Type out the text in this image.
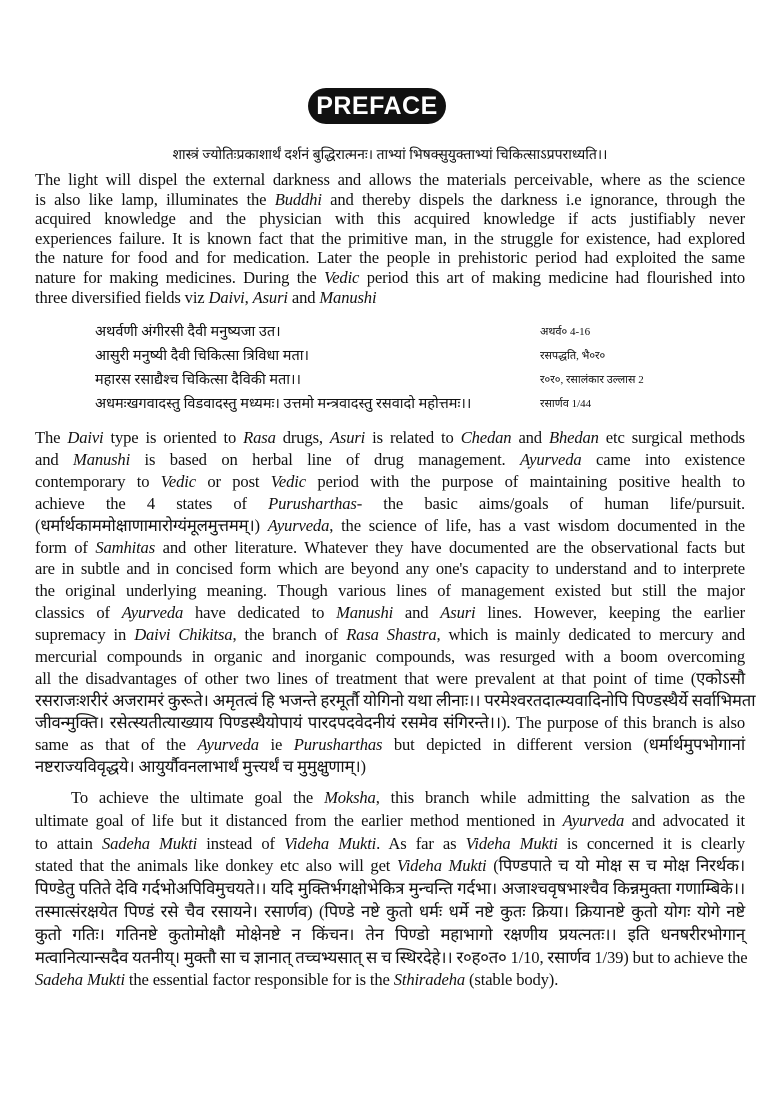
PREFACE
शास्त्रं ज्योतिःप्रकाशार्थं दर्शनं बुद्धिरात्मनः। ताभ्यां भिषक्सुयुक्ताभ्यां चिकित्साऽप्रपराध्यति।।
The light will dispel the external darkness and allows the materials perceivable, where as the science
is also like lamp, illuminates the Buddhi and thereby dispels the darkness i.e ignorance, through the
acquired knowledge and the physician with this acquired knowledge if acts justifiably never
experiences failure. It is known fact that the primitive man, in the struggle for existence, had explored
the nature for food and for medication. Later the people in prehistoric period had exploited the same
nature for making medicines. During the Vedic period this art of making medicine had flourished into
three diversified fields viz Daivi, Asuri and Manushi
अथर्वणी अंगीरसी दैवी मनुष्यजा उत।	अथर्व० 4-16
आसुरी मनुष्यी दैवी चिकित्सा त्रिविधा मता।	रसपद्धति, भै०र०
महारस रसाद्यैश्च चिकित्सा दैविकी मता।।	र०र०, रसालंकार उल्लास 2
अधमःखगवादस्तु विडवादस्तु मध्यमः। उत्तमो मन्त्रवादस्तु रसवादो महोत्तमः।।	रसार्णव 1/44
The Daivi type is oriented to Rasa drugs, Asuri is related to Chedan and Bhedan etc surgical methods
and Manushi is based on herbal line of drug management. Ayurveda came into existence
contemporary to Vedic or post Vedic period with the purpose of maintaining positive health to
achieve the 4 states of Purusharthas- the basic aims/goals of human life/pursuit.
(धर्मार्थकाममोक्षाणामारोग्यंमूलमुत्तमम्।) Ayurveda, the science of life, has a vast wisdom documented in the
form of Samhitas and other literature. Whatever they have documented are the observational facts but
are in subtle and in concised form which are beyond any one's capacity to understand and to interprete
the original underlying meaning. Though various lines of management existed but still the major
classics of Ayurveda have dedicated to Manushi and Asuri lines. However, keeping the earlier
supremacy in Daivi Chikitsa, the branch of Rasa Shastra, which is mainly dedicated to mercury and
mercurial compounds in organic and inorganic compounds, was resurged with a boom overcoming
all the disadvantages of other two lines of treatment that were prevalent at that point of time (एकोऽसौ
रसराजःशरीरं अजरामरं कुरूते। अमृतत्वं हि भजन्ते हरमूर्तौ योगिनो यथा लीनाः।। परमेश्वरतदात्म्यवादिनोपि पिण्डस्थैर्ये सर्वाभिमता
जीवन्मुक्ति। रसेत्स्यतीत्याख्याय पिण्डस्थैयोपायं पारदपदवेदनीयं रसमेव संगिरन्ते।।). The purpose of this branch is also
same as that of the Ayurveda ie Purusharthas but depicted in different version (धर्मार्थमुपभोगानां
नष्टराज्यविवृद्धये। आयुर्यौवनलाभार्थं मुत्त्यर्थं च मुमुक्षुणाम्।)
To achieve the ultimate goal the Moksha, this branch while admitting the salvation as the
ultimate goal of life but it distanced from the earlier method mentioned in Ayurveda and advocated it
to attain Sadeha Mukti instead of Videha Mukti. As far as Videha Mukti is concerned it is clearly
stated that the animals like donkey etc also will get Videha Mukti (पिण्डपाते च यो मोक्ष स च मोक्ष निरर्थक।
पिण्डेतु पतिते देवि गर्दभोअपिविमुचयते।। यदि मुक्तिर्भगक्षोभेकित्र मुन्चन्ति गर्दभा। अजाश्चवृषभाश्चैव किन्नमुक्ता गणाम्बिके।।
तस्मात्संरक्षयेत पिण्डं रसे चैव रसायने। रसार्णव) (पिण्डे नष्टे कुतो धर्मः धर्मे नष्टे कुतः क्रिया। क्रियानष्टे कुतो योगः योगे नष्टे
कुतो गतिः। गतिनष्टे कुतोमोक्षौ मोक्षेनष्टे न किंचन। तेन पिण्डो महाभागो रक्षणीय प्रयत्नतः।। इति धनषरीरभोगान्
मत्वानित्यान्सदैव यतनीय्। मुक्तौ सा च ज्ञानात् तच्चभ्यसात् स च स्थिरदेहे।। र०ह०त० 1/10, रसार्णव 1/39) but to achieve the
Sadeha Mukti the essential factor responsible for is the Sthiradeha (stable body).
